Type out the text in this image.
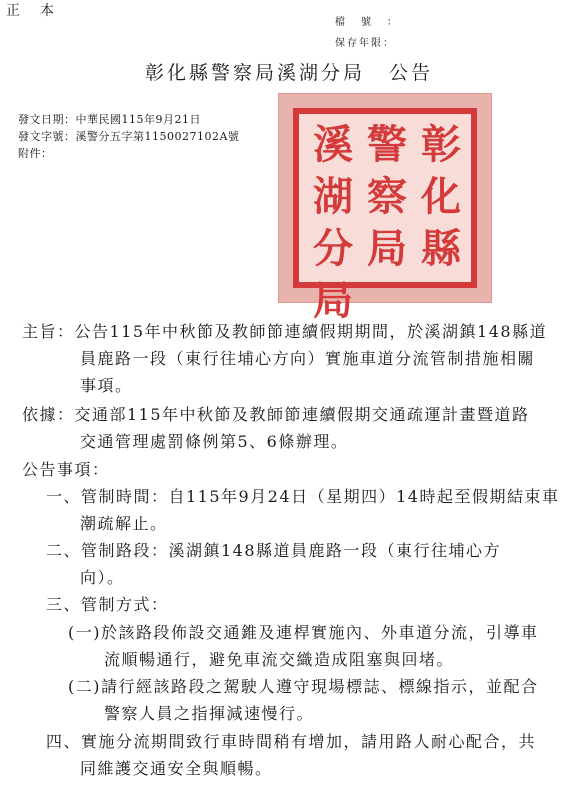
正本
檔號：
保存年限：
彰化縣警察局溪湖分局 公告
發文日期：中華民國115年9月21日
發文字號：溪警分五字第1150027102A號
附件：	彰
化
縣
警
察
局
溪
湖
分
局
主旨：公告115年中秋節及教師節連續假期期間，於溪湖鎮148縣道
員鹿路一段（東行往埔心方向）實施車道分流管制措施相關
事項。
依據：交通部115年中秋節及教師節連續假期交通疏運計畫暨道路
交通管理處罰條例第5、6條辦理。
公告事項：
一、管制時間：自115年9月24日（星期四）14時起至假期結束車
潮疏解止。
二、管制路段：溪湖鎮148縣道員鹿路一段（東行往埔心方
向）。
三、管制方式：
(一)於該路段佈設交通錐及連桿實施內、外車道分流，引導車
流順暢通行，避免車流交織造成阻塞與回堵。
(二)請行經該路段之駕駛人遵守現場標誌、標線指示，並配合
警察人員之指揮減速慢行。
四、實施分流期間致行車時間稍有增加，請用路人耐心配合，共
同維護交通安全與順暢。
